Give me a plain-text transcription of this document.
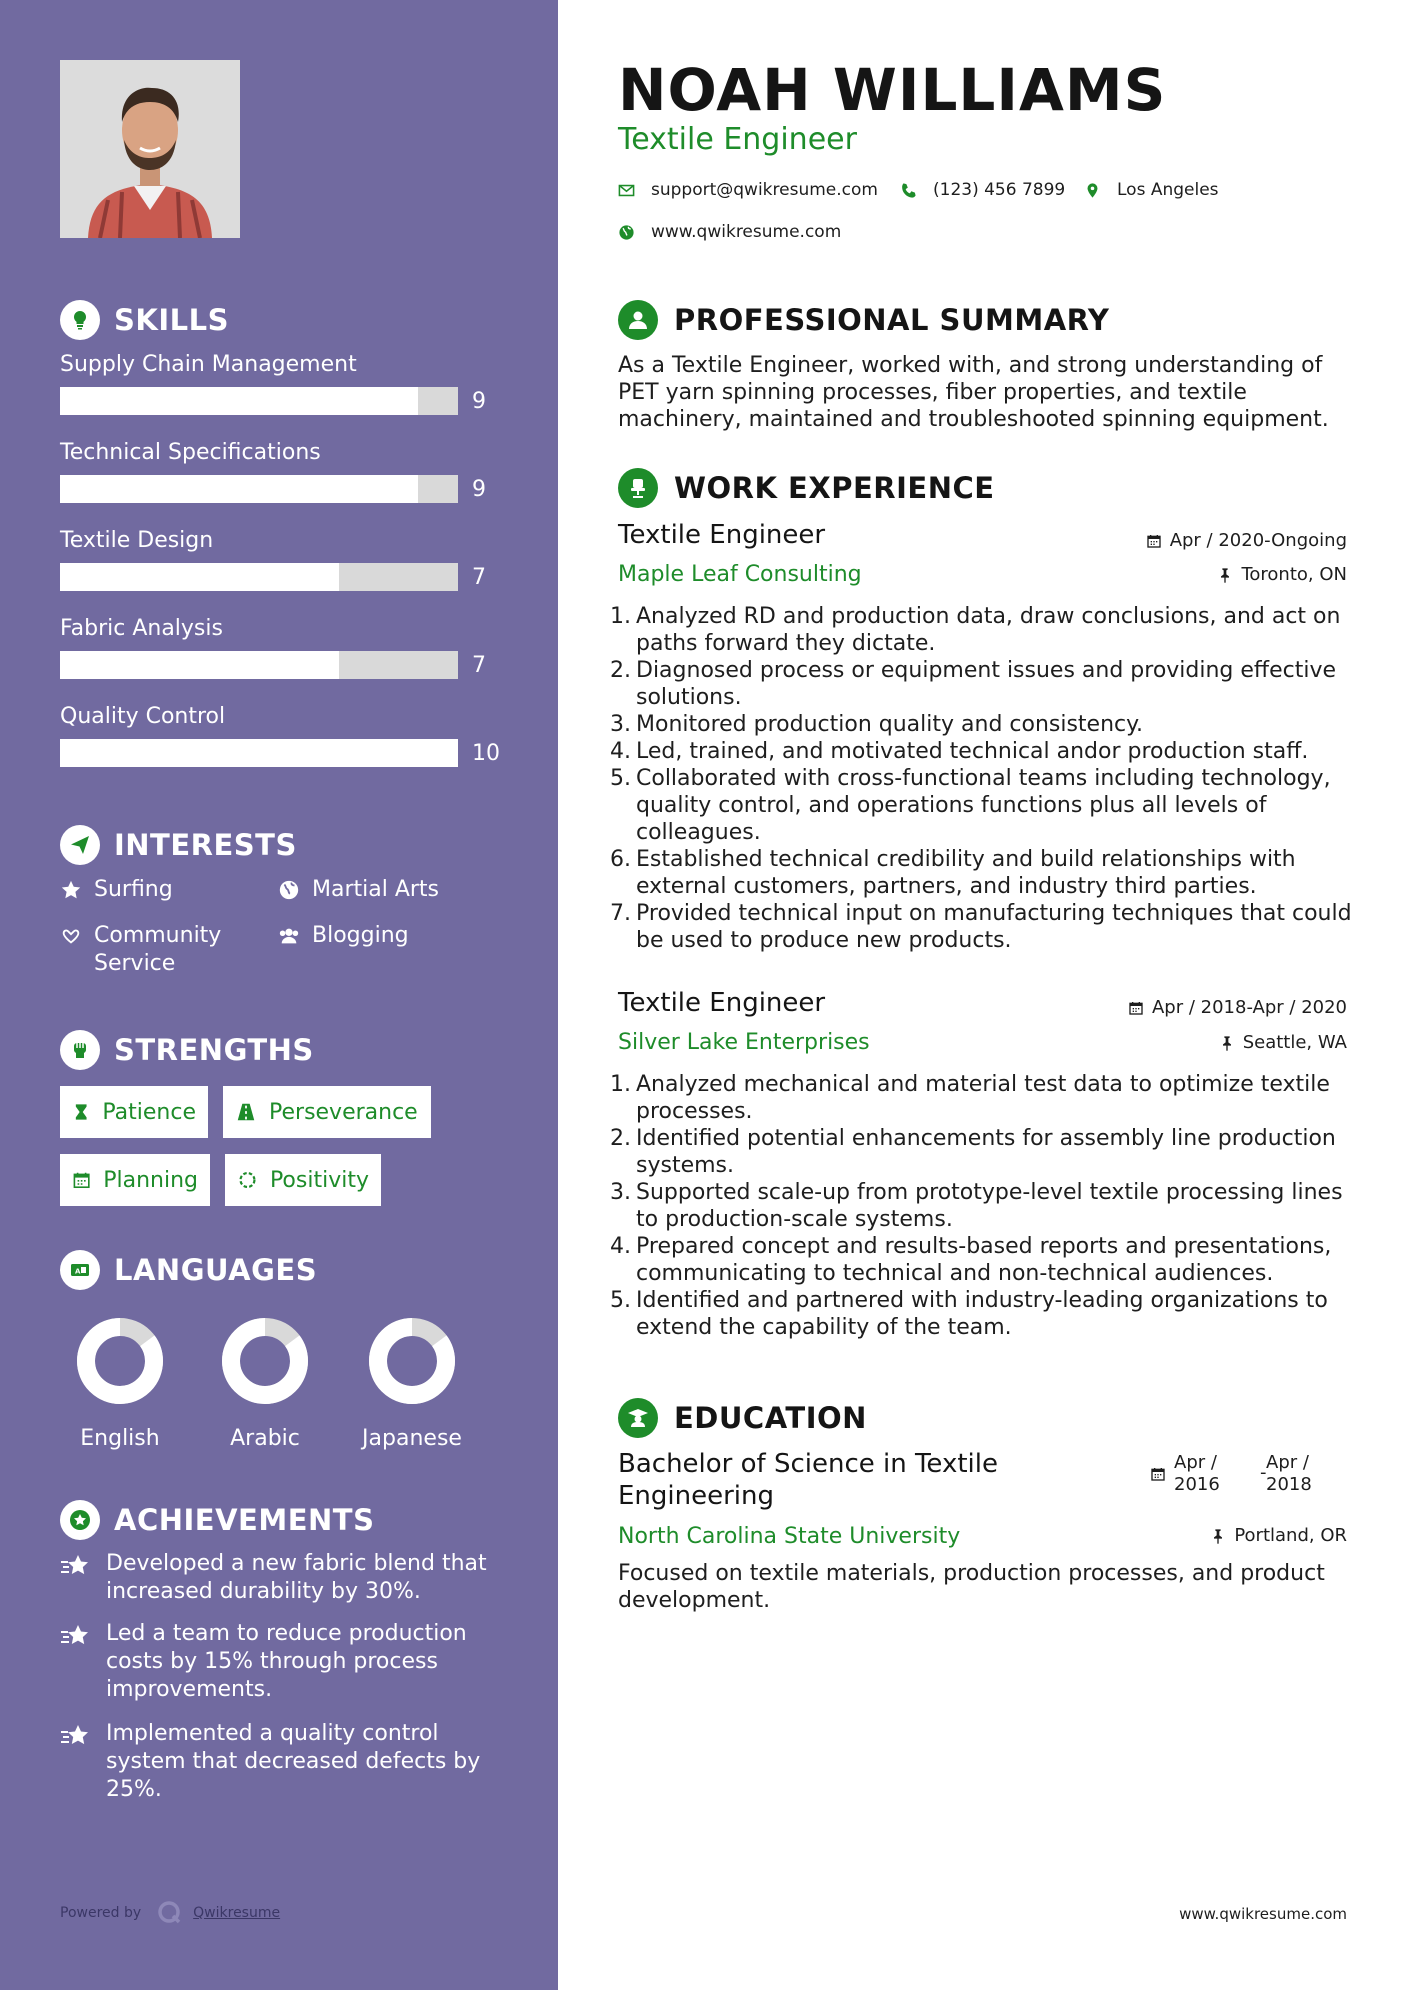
SKILLS
Supply Chain Management
9
Technical Specifications
9
Textile Design
7
Fabric Analysis
7
Quality Control
10
INTERESTS
Surfing	Martial Arts
Community Service
Blogging
STRENGTHS
Patience	Perseverance
Planning	Positivity
A LANGUAGES
English	Arabic	Japanese
ACHIEVEMENTS
Developed a new fabric blend that increased durability by 30%.
Led a team to reduce production costs by 15% through process improvements.
Implemented a quality control system that decreased defects by 25%.
Powered by	Qwikresume
NOAH WILLIAMS
Textile Engineer
support@qwikresume.com	(123) 456 7899	Los Angeles
www.qwikresume.com
PROFESSIONAL SUMMARY
As a Textile Engineer, worked with, and strong understanding of PET yarn spinning processes, fiber properties, and textile machinery, maintained and troubleshooted spinning equipment.
WORK EXPERIENCE
Textile Engineer	Apr / 2020-Ongoing
Maple Leaf Consulting	Toronto, ON
1. Analyzed RD and production data, draw conclusions, and act on paths forward they dictate.
2. Diagnosed process or equipment issues and providing effective solutions.
3. Monitored production quality and consistency.
4. Led, trained, and motivated technical andor production staff.
5. Collaborated with cross-functional teams including technology, quality control, and operations functions plus all levels of colleagues.
6. Established technical credibility and build relationships with external customers, partners, and industry third parties.
7. Provided technical input on manufacturing techniques that could be used to produce new products.
Textile Engineer	Apr / 2018-Apr / 2020
Silver Lake Enterprises	Seattle, WA
1. Analyzed mechanical and material test data to optimize textile processes.
2. Identified potential enhancements for assembly line production systems.
3. Supported scale-up from prototype-level textile processing lines to production-scale systems.
4. Prepared concept and results-based reports and presentations, communicating to technical and non-technical audiences.
5. Identified and partnered with industry-leading organizations to extend the capability of the team.
EDUCATION
Bachelor of Science in Textile
Engineering
Apr /
2016
- Apr /
2018
North Carolina State University	Portland, OR
Focused on textile materials, production processes, and product development.
www.qwikresume.com
